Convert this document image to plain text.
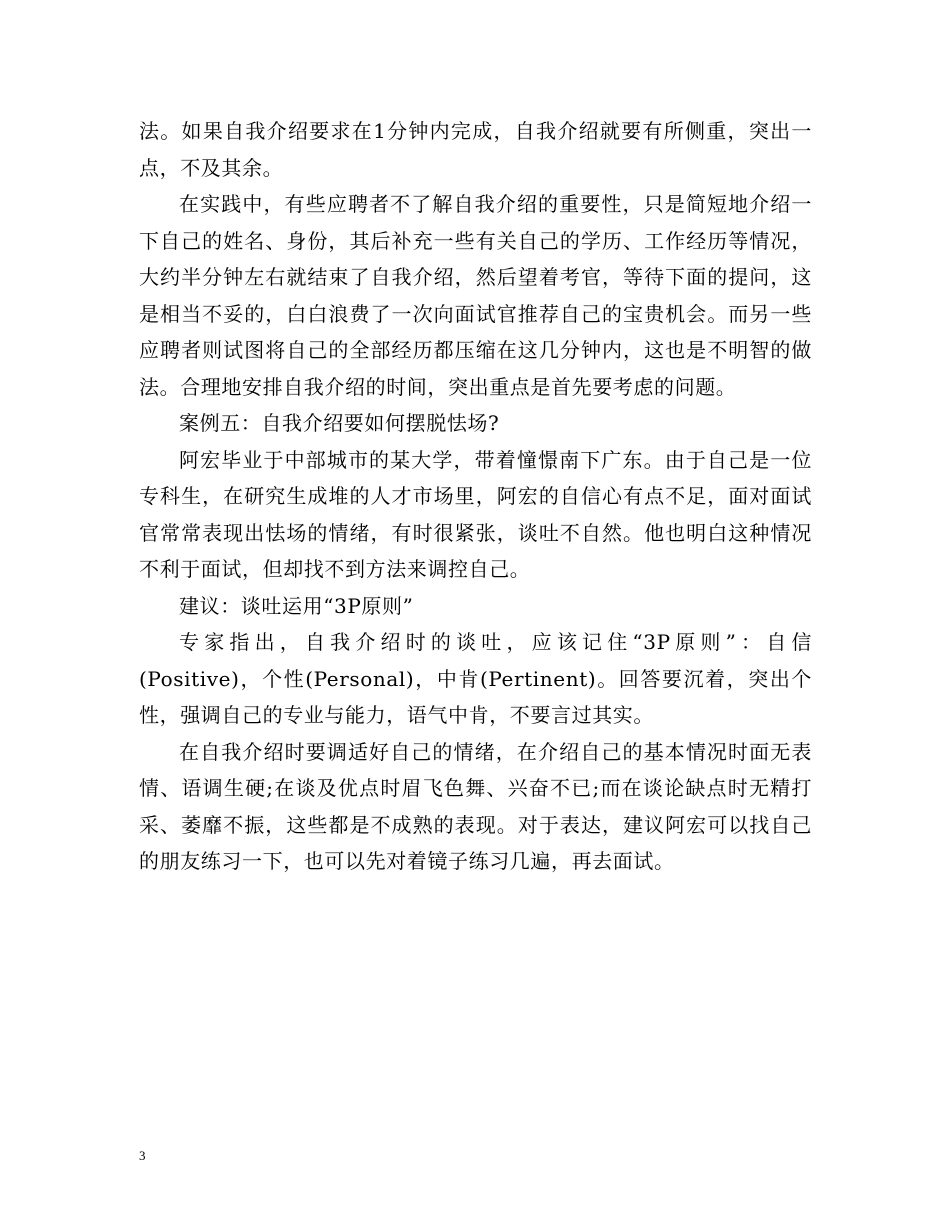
法。如果自我介绍要求在1分钟内完成，自我介绍就要有所侧重，突出一点，不及其余。

在实践中，有些应聘者不了解自我介绍的重要性，只是简短地介绍一下自己的姓名、身份，其后补充一些有关自己的学历、工作经历等情况，大约半分钟左右就结束了自我介绍，然后望着考官，等待下面的提问，这是相当不妥的，白白浪费了一次向面试官推荐自己的宝贵机会。而另一些应聘者则试图将自己的全部经历都压缩在这几分钟内，这也是不明智的做法。合理地安排自我介绍的时间，突出重点是首先要考虑的问题。

案例五：自我介绍要如何摆脱怯场?

阿宏毕业于中部城市的某大学，带着憧憬南下广东。由于自己是一位专科生，在研究生成堆的人才市场里，阿宏的自信心有点不足，面对面试官常常表现出怯场的情绪，有时很紧张，谈吐不自然。他也明白这种情况不利于面试，但却找不到方法来调控自己。

建议：谈吐运用“3P原则”

专家指出，自我介绍时的谈吐，应该记住“3P原则”：自信(Positive)，个性(Personal)，中肯(Pertinent)。回答要沉着，突出个性，强调自己的专业与能力，语气中肯，不要言过其实。

在自我介绍时要调适好自己的情绪，在介绍自己的基本情况时面无表情、语调生硬;在谈及优点时眉飞色舞、兴奋不已;而在谈论缺点时无精打采、萎靡不振，这些都是不成熟的表现。对于表达，建议阿宏可以找自己的朋友练习一下，也可以先对着镜子练习几遍，再去面试。

3
